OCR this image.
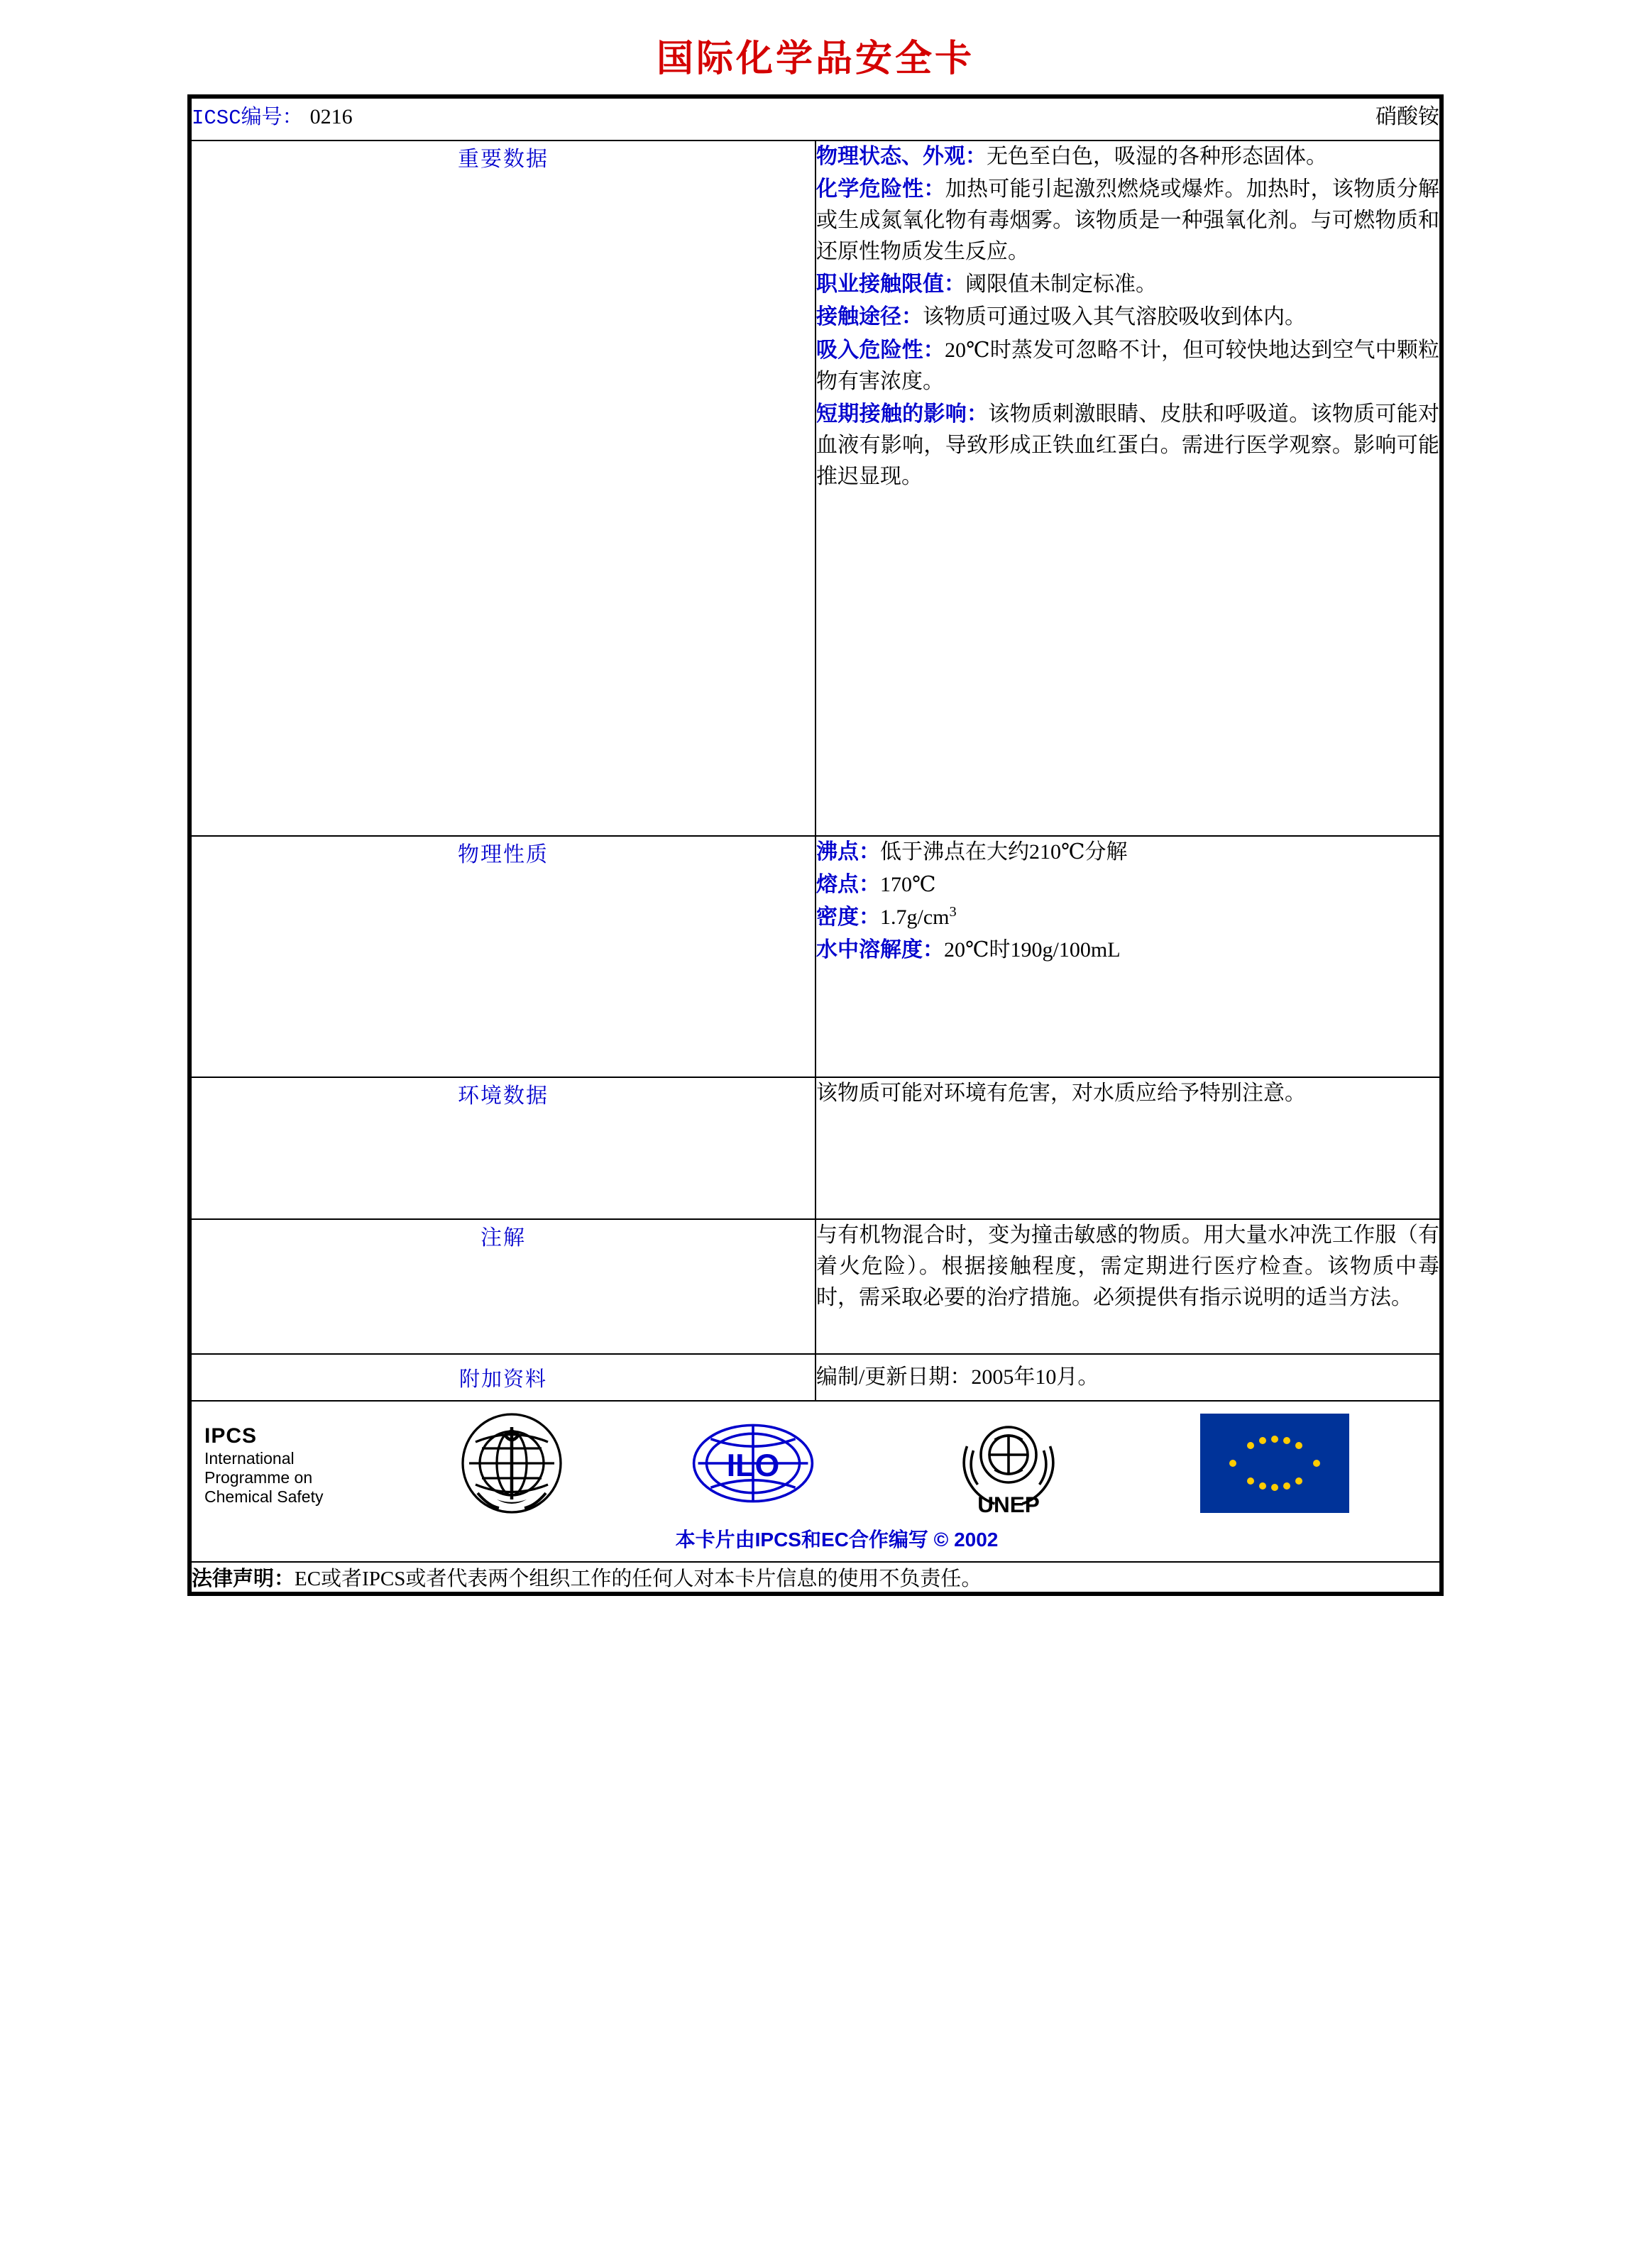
国际化学品安全卡
ICSC编号： 0216 硝酸铵	

重要数据	物理状态、外观：无色至白色，吸湿的各种形态固体。

化学危险性：加热可能引起激烈燃烧或爆炸。加热时，该物质分解或生成氮氧化物有毒烟雾。该物质是一种强氧化剂。与可燃物质和还原性物质发生反应。

职业接触限值：阈限值未制定标准。

接触途径：该物质可通过吸入其气溶胶吸收到体内。

吸入危险性：20℃时蒸发可忽略不计，但可较快地达到空气中颗粒物有害浓度。

短期接触的影响：该物质刺激眼睛、皮肤和呼吸道。该物质可能对血液有影响，导致形成正铁血红蛋白。需进行医学观察。影响可能推迟显现。

物理性质	沸点：低于沸点在大约210℃分解

熔点：170℃

密度：$1.7g/cm^3$

水中溶解度：20℃时190g/100mL

环境数据	该物质可能对环境有危害，对水质应给予特别注意。

注解	与有机物混合时，变为撞击敏感的物质。用大量水冲洗工作服（有着火危险）。根据接触程度，需定期进行医疗检查。该物质中毒时，需采取必要的治疗措施。必须提供有指示说明的适当方法。

附加资料	编制/更新日期：2005年10月。

IPCS
International
Programme on
Chemical Safety
ILO
UNEP
本卡片由IPCS和EC合作编写 © 2002

法律声明：EC或者IPCS或者代表两个组织工作的任何人对本卡片信息的使用不负责任。	
